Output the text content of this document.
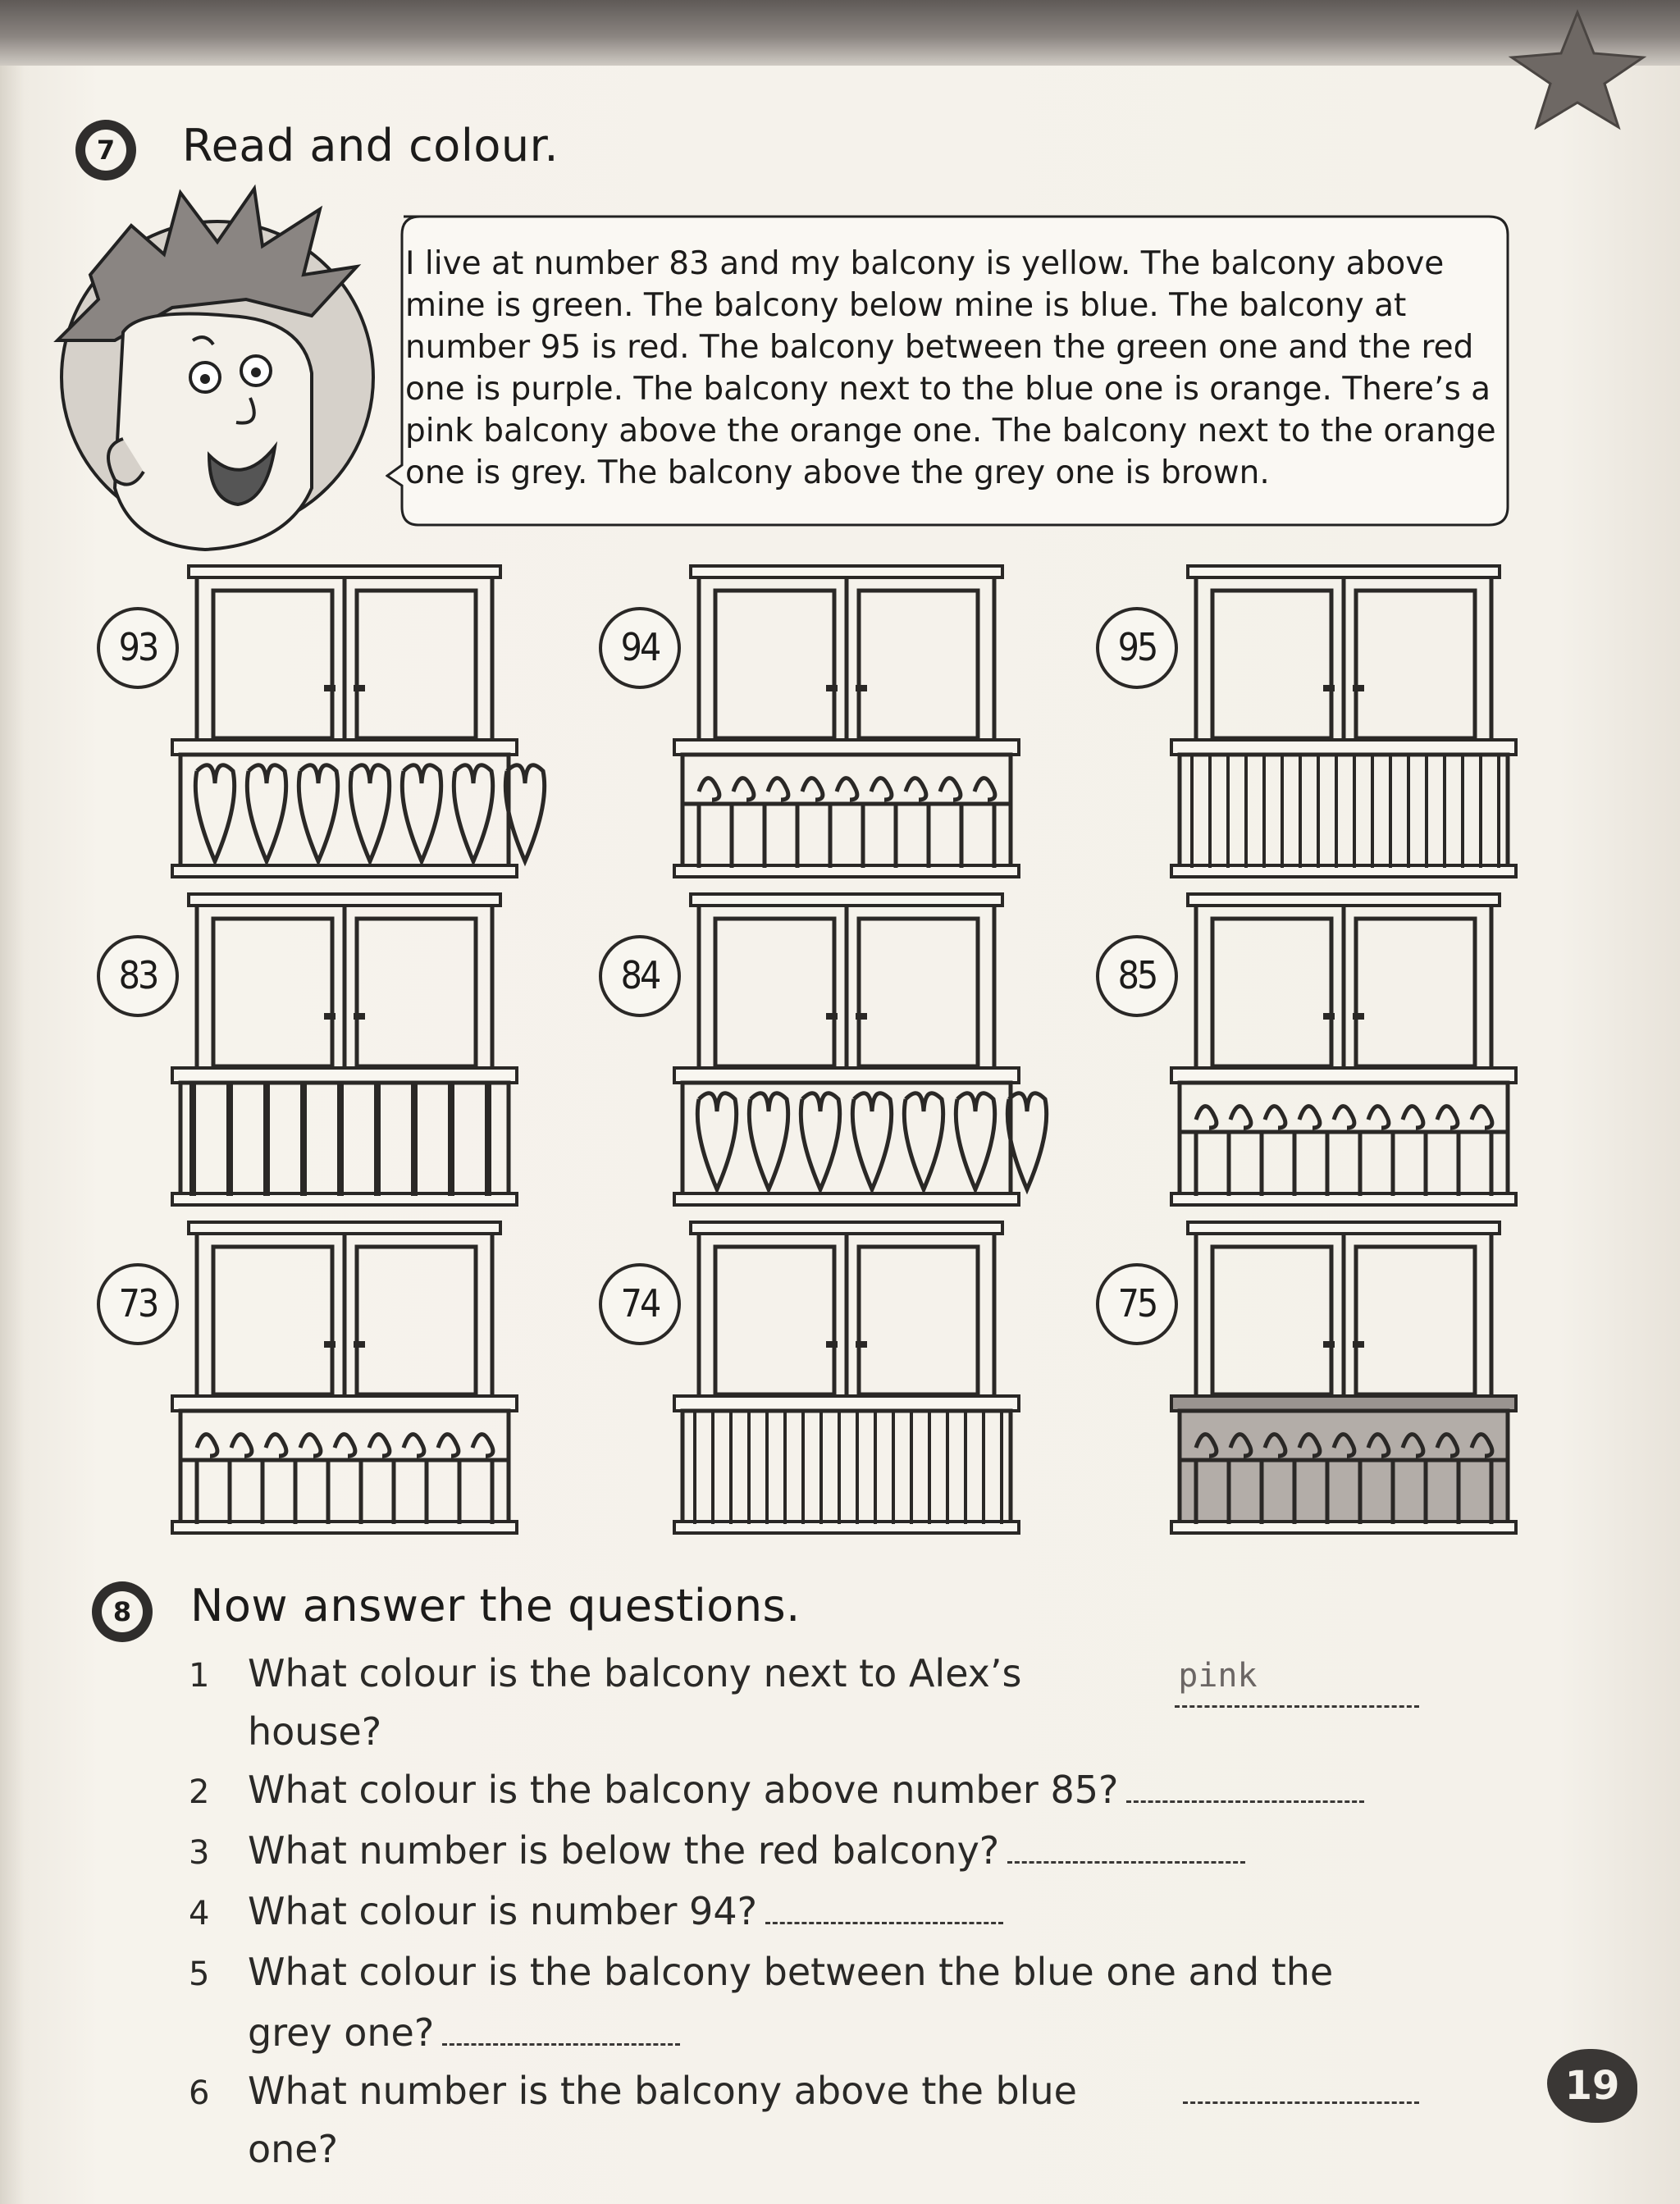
7 Read and colour.
I live at number 83 and my balcony is yellow. The balcony above mine is green. The balcony below mine is blue. The balcony at number 95 is red. The balcony between the green one and the red one is purple. The balcony next to the blue one is orange. There’s a pink balcony above the orange one. The balcony next to the orange one is grey. The balcony above the grey one is brown.
93	94	95
83	84	85
73	74	75
8 Now answer the questions.
1	What colour is the balcony next to Alex’s house?
pink
2	What colour is the balcony above number 85?
3	What number is below the red balcony?
4	What colour is number 94?
5	What colour is the balcony between the blue one and the
grey one?
6	What number is the balcony above the blue one?
19
